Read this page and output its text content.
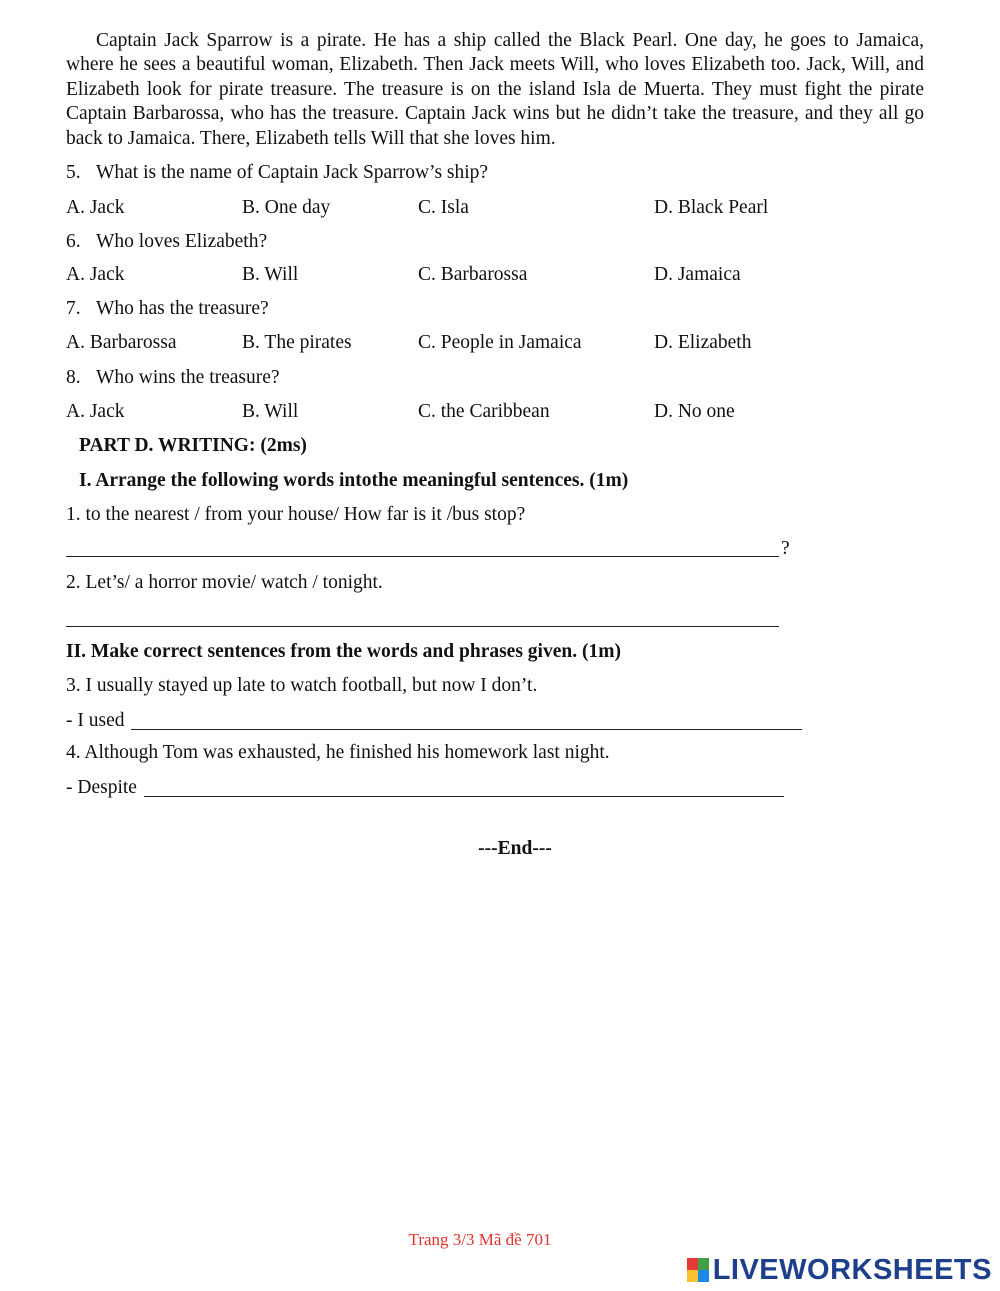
Captain Jack Sparrow is a pirate. He has a ship called the Black Pearl. One day, he goes to Jamaica, where he sees a beautiful woman, Elizabeth. Then Jack meets Will, who loves Elizabeth too. Jack, Will, and Elizabeth look for pirate treasure. The treasure is on the island Isla de Muerta. They must fight the pirate Captain Barbarossa, who has the treasure. Captain Jack wins but he didn’t take the treasure, and they all go back to Jamaica. There, Elizabeth tells Will that she loves him.

5. What is the name of Captain Jack Sparrow’s ship?
A. Jack	B. One day	C. Isla	D. Black Pearl
6. Who loves Elizabeth?
A. Jack	B. Will	C. Barbarossa	D. Jamaica
7. Who has the treasure?
A. Barbarossa	B. The pirates	C. People in Jamaica	D. Elizabeth
8. Who wins the treasure?
A. Jack	B. Will	C. the Caribbean	D. No one
PART D. WRITING: (2ms)
I. Arrange the following words intothe meaningful sentences. (1m)
1. to the nearest / from your house/ How far is it /bus stop?
?
2. Let’s/ a horror movie/ watch / tonight.
II. Make correct sentences from the words and phrases given. (1m)
3. I usually stayed up late to watch football, but now I don’t.
- I used
4. Although Tom was exhausted, he finished his homework last night.
- Despite
---End---
Trang 3/3 Mã đề 701
LIVEWORKSHEETS
